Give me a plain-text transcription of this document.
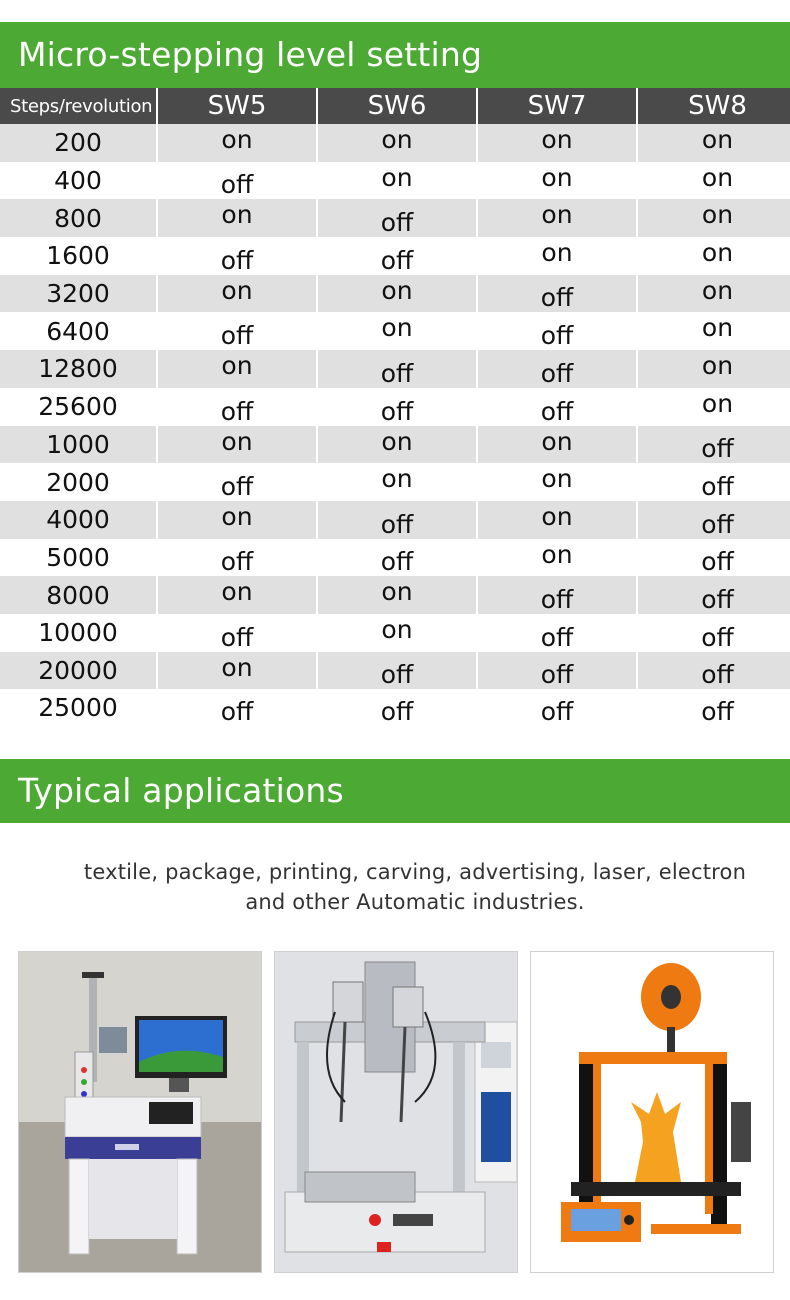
Micro-stepping level setting
Steps/revolution	SW5	SW6	SW7	SW8
200	on	on	on	on
400	off	on	on	on
800	on	off	on	on
1600	off	off	on	on
3200	on	on	off	on
6400	off	on	off	on
12800	on	off	off	on
25600	off	off	off	on
1000	on	on	on	off
2000	off	on	on	off
4000	on	off	on	off
5000	off	off	on	off
8000	on	on	off	off
10000	off	on	off	off
20000	on	off	off	off
25000	off	off	off	off
Typical applications
textile, package, printing, carving, advertising, laser, electron
and other Automatic industries.
